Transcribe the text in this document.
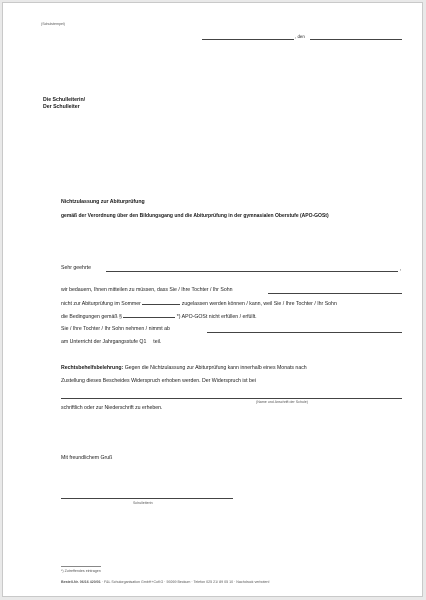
(Schulstempel)
, den
Die Schulleiterin/
Der Schulleiter
Nichtzulassung zur Abiturprüfung
gemäß der Verordnung über den Bildungsgang und die Abiturprüfung in der gymnasialen Oberstufe (APO-GOSt)
Sehr geehrte	,
wir bedauern, Ihnen mitteilen zu müssen, dass Sie / Ihre Tochter / Ihr Sohn
nicht zur Abiturprüfung im Sommer	zugelassen werden können / kann, weil Sie / Ihre Tochter / Ihr Sohn
die Bedingungen gemäß §	*) APO-GOSt nicht erfüllen / erfüllt.
Sie / Ihre Tochter / Ihr Sohn nehmen / nimmt ab
am Unterricht der Jahrgangsstufe Q1 teil.
Rechtsbehelfsbelehrung: Gegen die Nichtzulassung zur Abiturprüfung kann innerhalb eines Monats nach
Zustellung dieses Bescheides Widerspruch erhoben werden. Der Widerspruch ist bei
(Name und Anschrift der Schule)
schriftlich oder zur Niederschrift zu erheben.
Mit freundlichem Gruß
Schulleiterin
*) Zutreffendes eintragen
Bestell-Nr. 06/16 420/01 · F&L Schulorganisation GmbH+CoKG · 59269 Beckum · Telefon 025 21/ 89 05 10 · Nachdruck verboten!
